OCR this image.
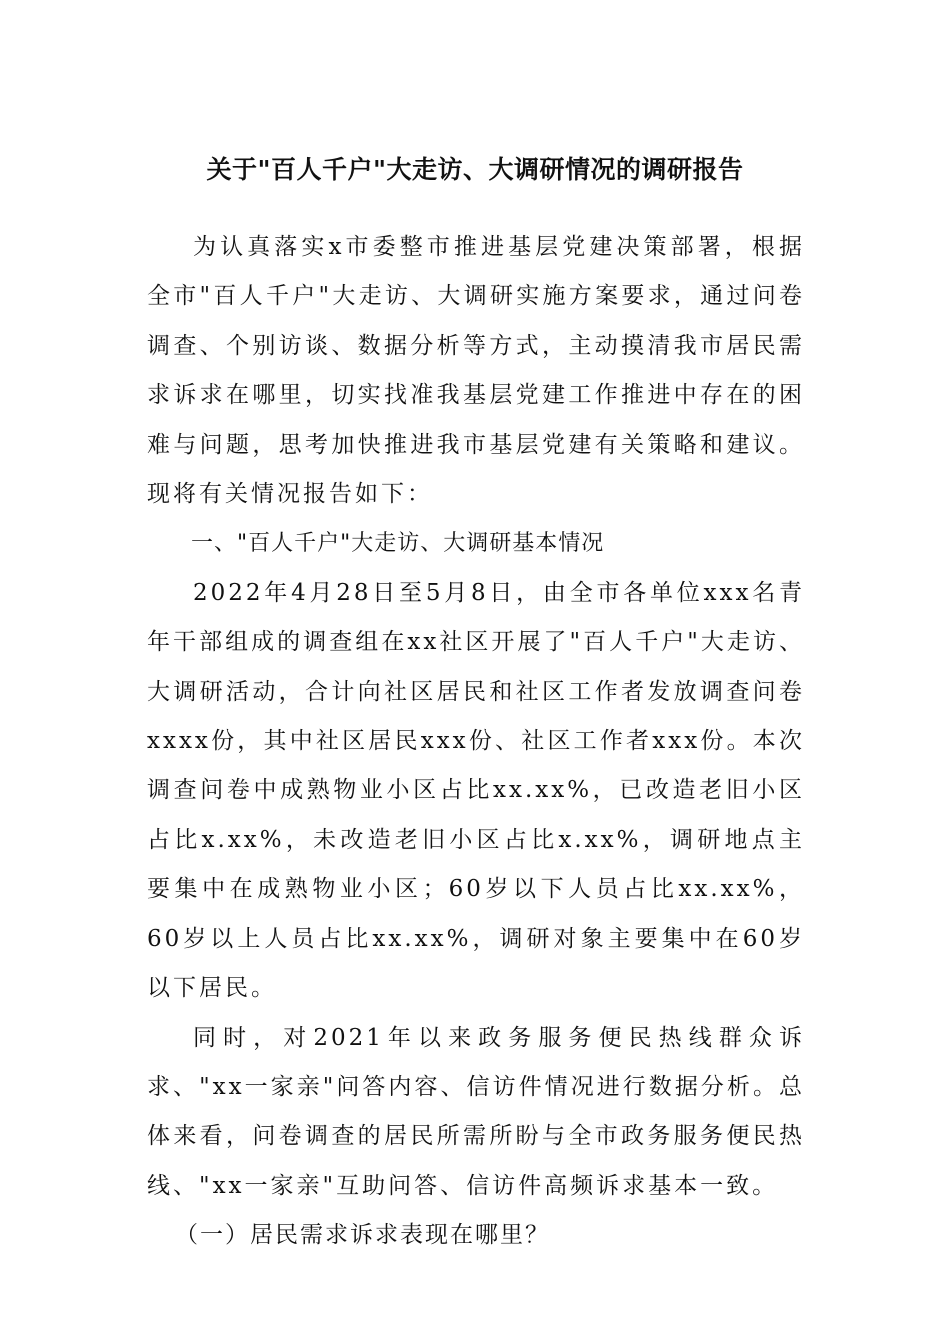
关于"百人千户"大走访、大调研情况的调研报告

为认真落实x市委整市推进基层党建决策部署，根据全市"百人千户"大走访、大调研实施方案要求，通过问卷调查、个别访谈、数据分析等方式，主动摸清我市居民需求诉求在哪里，切实找准我基层党建工作推进中存在的困难与问题，思考加快推进我市基层党建有关策略和建议。现将有关情况报告如下：

一、"百人千户"大走访、大调研基本情况

2022年4月28日至5月8日，由全市各单位xxx名青年干部组成的调查组在xx社区开展了"百人千户"大走访、大调研活动，合计向社区居民和社区工作者发放调查问卷xxxx份，其中社区居民xxx份、社区工作者xxx份。本次调查问卷中成熟物业小区占比xx.xx%，已改造老旧小区占比x.xx%，未改造老旧小区占比x.xx%，调研地点主要集中在成熟物业小区；60岁以下人员占比xx.xx%，60岁以上人员占比xx.xx%，调研对象主要集中在60岁以下居民。

同时，对2021年以来政务服务便民热线群众诉求、"xx一家亲"问答内容、信访件情况进行数据分析。总体来看，问卷调查的居民所需所盼与全市政务服务便民热线、"xx一家亲"互助问答、信访件高频诉求基本一致。

（一）居民需求诉求表现在哪里？
